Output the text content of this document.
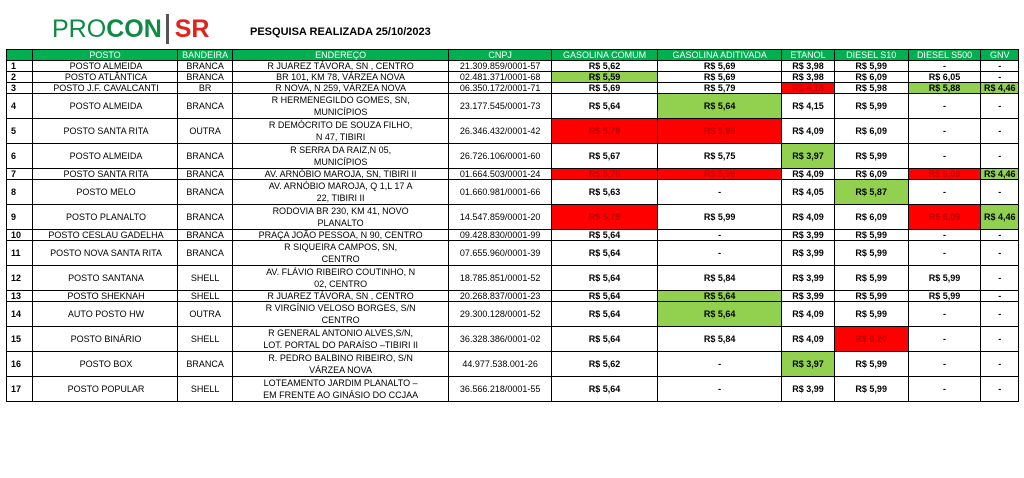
PRO CON SR	PESQUISA REALIZADA 25/10/2023
	POSTO	BANDEIRA	ENDEREÇO	CNPJ	GASOLINA COMUM	GASOLINA ADITIVADA	ETANOL	DIESEL S10	DIESEL S500	GNV
1	POSTO ALMEIDA	BRANCA	R JUAREZ TÁVORA, SN , CENTRO	21.309.859/0001-57	R$ 5,62	R$ 5,69	R$ 3,98	R$ 5,99	-	-
2	POSTO ATLÂNTICA	BRANCA	BR 101, KM 78, VÁRZEA NOVA	02.481.371/0001-68	R$ 5,59	R$ 5,69	R$ 3,98	R$ 6,09	R$ 6,05	-
3	POSTO J.F. CAVALCANTI	BR	R NOVA, N 259, VÁRZEA NOVA	06.350.172/0001-71	R$ 5,69	R$ 5,79	R$ 4,18	R$ 5,98	R$ 5,88	R$ 4,46
4	POSTO ALMEIDA	BRANCA	R HERMENEGILDO GOMES, SN,
MUNICÍPIOS	23.177.545/0001-73	R$ 5,64	R$ 5,64	R$ 4,15	R$ 5,99	-	-
5	POSTO SANTA RITA	OUTRA	R DEMÓCRITO DE SOUZA FILHO,
N 47, TIBIRI	26.346.432/0001-42	R$ 5,79	R$ 5,99	R$ 4,09	R$ 6,09	-	-
6	POSTO ALMEIDA	BRANCA	R SERRA DA RAIZ,N 05,
MUNICÍPIOS	26.726.106/0001-60	R$ 5,67	R$ 5,75	R$ 3,97	R$ 5,99	-	-
7	POSTO SANTA RITA	BRANCA	AV. ARNÓBIO MAROJA, SN, TIBIRI II	01.664.503/0001-24	R$ 5,79	R$ 5,99	R$ 4,09	R$ 6,09	R$ 6,09	R$ 4,46
8	POSTO MELO	BRANCA	AV. ARNÓBIO MAROJA, Q 1,L 17 A
22, TIBIRI II	01.660.981/0001-66	R$ 5,63	-	R$ 4,05	R$ 5,87	-	-
9	POSTO PLANALTO	BRANCA	RODOVIA BR 230, KM 41, NOVO
PLANALTO	14.547.859/0001-20	R$ 5,79	R$ 5,99	R$ 4,09	R$ 6,09	R$ 6,09	R$ 4,46
10	POSTO CESLAU GADELHA	BRANCA	PRAÇA JOÃO PESSOA, N 90, CENTRO	09.428.830/0001-99	R$ 5,64	-	R$ 3,99	R$ 5,99	-	-
11	POSTO NOVA SANTA RITA	BRANCA	R SIQUEIRA CAMPOS, SN,
CENTRO	07.655.960/0001-39	R$ 5,64	-	R$ 3,99	R$ 5,99	-	-
12	POSTO SANTANA	SHELL	AV. FLÁVIO RIBEIRO COUTINHO, N
02, CENTRO	18.785.851/0001-52	R$ 5,64	R$ 5,84	R$ 3,99	R$ 5,99	R$ 5,99	-
13	POSTO SHEKNAH	SHELL	R JUAREZ TÁVORA, SN , CENTRO	20.268.837/0001-23	R$ 5,64	R$ 5,64	R$ 3,99	R$ 5,99	R$ 5,99	-
14	AUTO POSTO HW	OUTRA	R VIRGÍNIO VELOSO BORGES, S/N
CENTRO	29.300.128/0001-52	R$ 5,64	R$ 5,64	R$ 4,09	R$ 5,99	-	-
15	POSTO BINÁRIO	SHELL	R GENERAL ANTONIO ALVES,S/N,
LOT. PORTAL DO PARAÍSO –TIBIRI II	36.328.386/0001-02	R$ 5,64	R$ 5,84	R$ 4,09	R$ 6,20	-	-
16	POSTO BOX	BRANCA	R. PEDRO BALBINO RIBEIRO, S/N
VÁRZEA NOVA	44.977.538.001-26	R$ 5,62	-	R$ 3,97	R$ 5,99	-	-
17	POSTO POPULAR	SHELL	LOTEAMENTO JARDIM PLANALTO –
EM FRENTE AO GINÁSIO DO CCJAA	36.566.218/0001-55	R$ 5,64	-	R$ 3,99	R$ 5,99	-	-
